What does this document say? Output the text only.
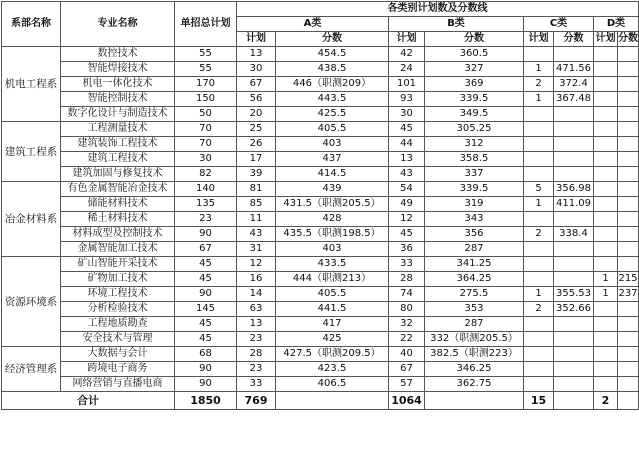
系部名称	专业名称	单招总计划	各类别计划数及分数线							
			A类		B类		C类		D类	
			计划	分数	计划	分数	计划	分数	计划	分数
机电工程系	数控技术	55	13	454.5	42	360.5				
	智能焊接技术	55	30	438.5	24	327	1	471.56		
	机电一体化技术	170	67	446（职测209）	101	369	2	372.4		
	智能控制技术	150	56	443.5	93	339.5	1	367.48		
	数字化设计与制造技术	50	20	425.5	30	349.5				
建筑工程系	工程测量技术	70	25	405.5	45	305.25				
	建筑装饰工程技术	70	26	403	44	312				
	建筑工程技术	30	17	437	13	358.5				
	建筑加固与修复技术	82	39	414.5	43	337				
冶金材料系	有色金属智能冶金技术	140	81	439	54	339.5	5	356.98		
	储能材料技术	135	85	431.5（职测205.5）	49	319	1	411.09		
	稀土材料技术	23	11	428	12	343				
	材料成型及控制技术	90	43	435.5（职测198.5）	45	356	2	338.4		
	金属智能加工技术	67	31	403	36	287				
资源环境系	矿山智能开采技术	45	12	433.5	33	341.25				
	矿物加工技术	45	16	444（职测213）	28	364.25			1	215
	环境工程技术	90	14	405.5	74	275.5	1	355.53	1	237
	分析检验技术	145	63	441.5	80	353	2	352.66		
	工程地质勘查	45	13	417	32	287				
	安全技术与管理	45	23	425	22	332（职测205.5）				
经济管理系	大数据与会计	68	28	427.5（职测209.5）	40	382.5（职测223）				
	跨境电子商务	90	23	423.5	67	346.25				
	网络营销与直播电商	90	33	406.5	57	362.75				
合计		1850	769		1064		15		2	
